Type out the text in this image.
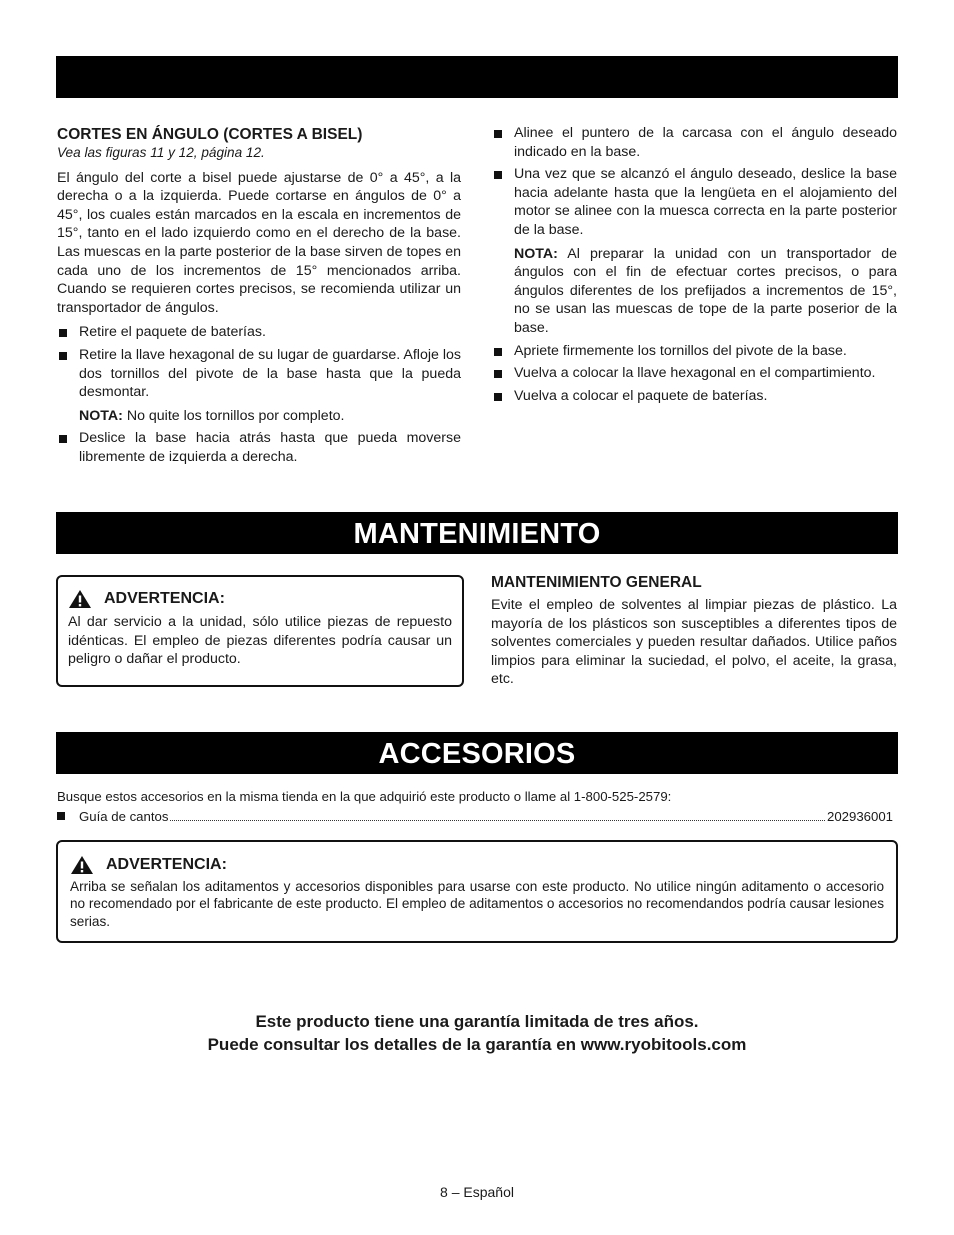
CORTES EN ÁNGULO (CORTES A BISEL)
Vea las figuras 11 y 12, página 12.

El ángulo del corte a bisel puede ajustarse de 0° a 45°, a la derecha o a la izquierda. Puede cortarse en ángulos de 0° a 45°, los cuales están marcados en la escala en incrementos de 15°, tanto en el lado izquierdo como en el derecho de la base. Las muescas en la parte posterior de la base sirven de topes en cada uno de los incrementos de 15° mencionados arriba. Cuando se requieren cortes precisos, se recomienda utilizar un transportador de ángulos.

Retire el paquete de baterías.
Retire la llave hexagonal de su lugar de guardarse. Afloje los dos tornillos del pivote de la base hasta que la pueda desmontar.
NOTA: No quite los tornillos por completo.
Deslice la base hacia atrás hasta que pueda moverse libremente de izquierda a derecha.
Alinee el puntero de la carcasa con el ángulo deseado indicado en la base.
Una vez que se alcanzó el ángulo deseado, deslice la base hacia adelante hasta que la lengüeta en el alojamiento del motor se alinee con la muesca correcta en la parte posterior de la base.
NOTA: Al preparar la unidad con un transportador de ángulos con el fin de efectuar cortes precisos, o para ángulos diferentes de los prefijados a incrementos de 15°, no se usan las muescas de tope de la parte poserior de la base.
Apriete firmemente los tornillos del pivote de la base.
Vuelva a colocar la llave hexagonal en el compartimiento.
Vuelva a colocar el paquete de baterías.
MANTENIMIENTO
ADVERTENCIA:
Al dar servicio a la unidad, sólo utilice piezas de repuesto idénticas. El empleo de piezas diferentes podría causar un peligro o dañar el producto.
MANTENIMIENTO GENERAL

Evite el empleo de solventes al limpiar piezas de plástico. La mayoría de los plásticos son susceptibles a diferentes tipos de solventes comerciales y pueden resultar dañados. Utilice paños limpios para eliminar la suciedad, el polvo, el aceite, la grasa, etc.

ACCESORIOS
Busque estos accesorios en la misma tienda en la que adquirió este producto o llame al 1-800-525-2579:
Guía de cantos	202936001
ADVERTENCIA:
Arriba se señalan los aditamentos y accesorios disponibles para usarse con este producto. No utilice ningún aditamento o accesorio no recomendado por el fabricante de este producto. El empleo de aditamentos o accesorios no recomendandos podría causar lesiones serias.
Este producto tiene una garantía limitada de tres años.
Puede consultar los detalles de la garantía en www.ryobitools.com
8 – Español
